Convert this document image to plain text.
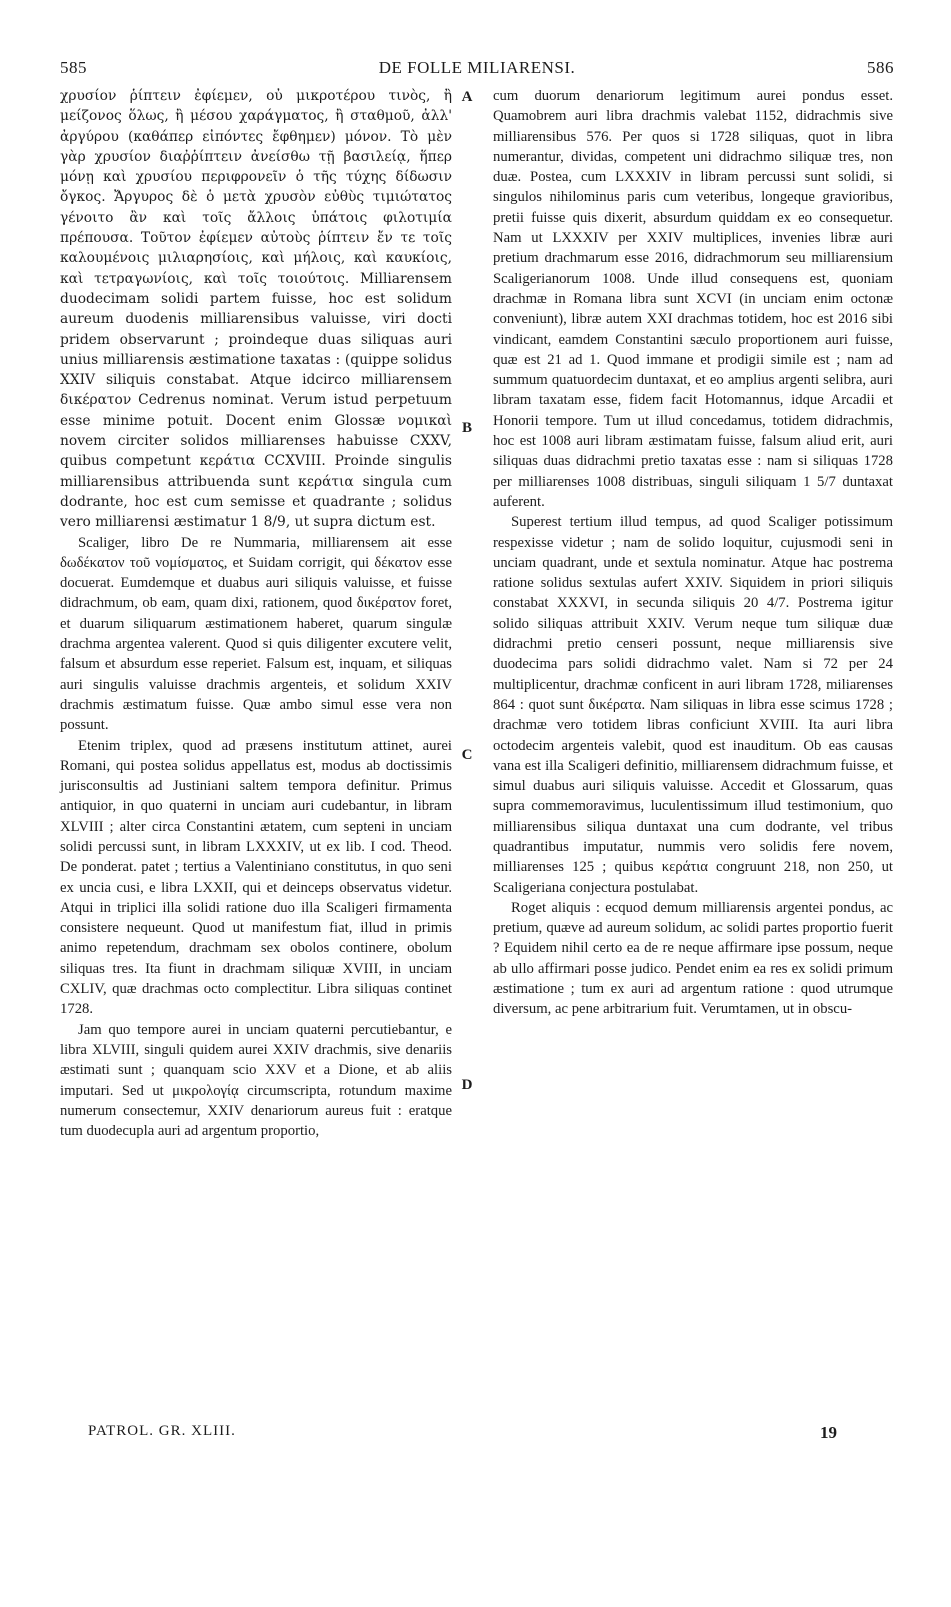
585	DE FOLLE MILIARENSI.	586

χρυσίον ῥίπτειν ἐφίεμεν, οὐ μικροτέρου τινὸς, ἢ μείζονος ὅλως, ἢ μέσου χαράγματος, ἢ σταθμοῦ, ἀλλ' ἀργύρου (καθάπερ εἰπόντες ἔφθημεν) μόνον. Τὸ μὲν γὰρ χρυσίον διαῤῥίπτειν ἀνείσθω τῇ βασιλείᾳ, ἥπερ μόνῃ καὶ χρυσίου περιφρονεῖν ὁ τῆς τύχης δίδωσιν ὄγκος. Ἄργυρος δὲ ὁ μετὰ χρυσὸν εὐθὺς τιμιώτατος γένοιτο ἂν καὶ τοῖς ἄλλοις ὑπάτοις φιλοτιμία πρέπουσα. Τοῦτον ἐφίεμεν αὐτοὺς ῥίπτειν ἔν τε τοῖς καλουμένοις μιλιαρησίοις, καὶ μήλοις, καὶ καυκίοις, καὶ τετραγωνίοις, καὶ τοῖς τοιούτοις. Milliarensem duodecimam solidi partem fuisse, hoc est solidum aureum duodenis milliarensibus valuisse, viri docti pridem observarunt ; proindeque duas siliquas auri unius milliarensis æstimatione taxatas : (quippe solidus XXIV siliquis constabat. Atque idcirco milliarensem δικέρατον Cedrenus nominat. Verum istud perpetuum esse minime potuit. Docent enim Glossæ νομικαὶ novem circiter solidos milliarenses habuisse CXXV, quibus competunt κεράτια CCXVIII. Proinde singulis milliarensibus attribuenda sunt κεράτια singula cum dodrante, hoc est cum semisse et quadrante ; solidus vero milliarensi æstimatur 1 8/9, ut supra dictum est.

Scaliger, libro De re Nummaria, milliarensem ait esse δωδέκατον τοῦ νομίσματος, et Suidam corrigit, qui δέκατον esse docuerat. Eumdemque et duabus auri siliquis valuisse, et fuisse didrachmum, ob eam, quam dixi, rationem, quod δικέρατον foret, et duarum siliquarum æstimationem haberet, quarum singulæ drachma argentea valerent. Quod si quis diligenter excutere velit, falsum et absurdum esse reperiet. Falsum est, inquam, et siliquas auri singulis valuisse drachmis argenteis, et solidum XXIV drachmis æstimatum fuisse. Quæ ambo simul esse vera non possunt.

Etenim triplex, quod ad præsens institutum attinet, aurei Romani, qui postea solidus appellatus est, modus ab doctissimis jurisconsultis ad Justiniani saltem tempora definitur. Primus antiquior, in quo quaterni in unciam auri cudebantur, in libram XLVIII ; alter circa Constantini ætatem, cum septeni in unciam solidi percussi sunt, in libram LXXXIV, ut ex lib. I cod. Theod. De ponderat. patet ; tertius a Valentiniano constitutus, in quo seni ex uncia cusi, e libra LXXII, qui et deinceps observatus videtur. Atqui in triplici illa solidi ratione duo illa Scaligeri firmamenta consistere nequeunt. Quod ut manifestum fiat, illud in primis animo repetendum, drachmam sex obolos continere, obolum siliquas tres. Ita fiunt in drachmam siliquæ XVIII, in unciam CXLIV, quæ drachmas octo complectitur. Libra siliquas continet 1728.

Jam quo tempore aurei in unciam quaterni percutiebantur, e libra XLVIII, singuli quidem aurei XXIV drachmis, sive denariis æstimati sunt ; quanquam scio XXV et a Dione, et ab aliis imputari. Sed ut μικρολογίᾳ circumscripta, rotundum maxime numerum consectemur, XXIV denariorum aureus fuit : eratque tum duodecupla auri ad argentum proportio,

A
B
C
D

cum duorum denariorum legitimum aurei pondus esset. Quamobrem auri libra drachmis valebat 1152, didrachmis sive milliarensibus 576. Per quos si 1728 siliquas, quot in libra numerantur, dividas, competent uni didrachmo siliquæ tres, non duæ. Postea, cum LXXXIV in libram percussi sunt solidi, si singulos nihilominus paris cum veteribus, longeque gravioribus, pretii fuisse quis dixerit, absurdum quiddam ex eo consequetur. Nam ut LXXXIV per XXIV multiplices, invenies libræ auri pretium drachmarum esse 2016, didrachmorum seu milliarensium Scaligerianorum 1008. Unde illud consequens est, quoniam drachmæ in Romana libra sunt XCVI (in unciam enim octonæ conveniunt), libræ autem XXI drachmas totidem, hoc est 2016 sibi vindicant, eamdem Constantini sæculo proportionem auri fuisse, quæ est 21 ad 1. Quod immane et prodigii simile est ; nam ad summum quatuordecim duntaxat, et eo amplius argenti selibra, auri libram taxatam esse, fidem facit Hotomannus, idque Arcadii et Honorii tempore. Tum ut illud concedamus, totidem didrachmis, hoc est 1008 auri libram æstimatam fuisse, falsum aliud erit, auri siliquas duas didrachmi pretio taxatas esse : nam si siliquas 1728 per milliarenses 1008 distribuas, singuli siliquam 1 5/7 duntaxat auferent.

Superest tertium illud tempus, ad quod Scaliger potissimum respexisse videtur ; nam de solido loquitur, cujusmodi seni in unciam quadrant, unde et sextula nominatur. Atque hac postrema ratione solidus sextulas aufert XXIV. Siquidem in priori siliquis constabat XXXVI, in secunda siliquis 20 4/7. Postrema igitur solido siliquas attribuit XXIV. Verum neque tum siliquæ duæ didrachmi pretio censeri possunt, neque milliarensis sive duodecima pars solidi didrachmo valet. Nam si 72 per 24 multiplicentur, drachmæ conficent in auri libram 1728, miliarenses 864 : quot sunt δικέρατα. Nam siliquas in libra esse scimus 1728 ; drachmæ vero totidem libras conficiunt XVIII. Ita auri libra octodecim argenteis valebit, quod est inauditum. Ob eas causas vana est illa Scaligeri definitio, milliarensem didrachmum fuisse, et simul duabus auri siliquis valuisse. Accedit et Glossarum, quas supra commemoravimus, luculentissimum illud testimonium, quo milliarensibus siliqua duntaxat una cum dodrante, vel tribus quadrantibus imputatur, nummis vero solidis fere novem, milliarenses 125 ; quibus κεράτια congruunt 218, non 250, ut Scaligeriana conjectura postulabat.

Roget aliquis : ecquod demum milliarensis argentei pondus, ac pretium, quæve ad aureum solidum, ac solidi partes proportio fuerit ? Equidem nihil certo ea de re neque affirmare ipse possum, neque ab ullo affirmari posse judico. Pendet enim ea res ex solidi primum æstimatione ; tum ex auri ad argentum ratione : quod utrumque diversum, ac pene arbitrarium fuit. Verumtamen, ut in obscu-

PATROL. GR. XLIII.	19
